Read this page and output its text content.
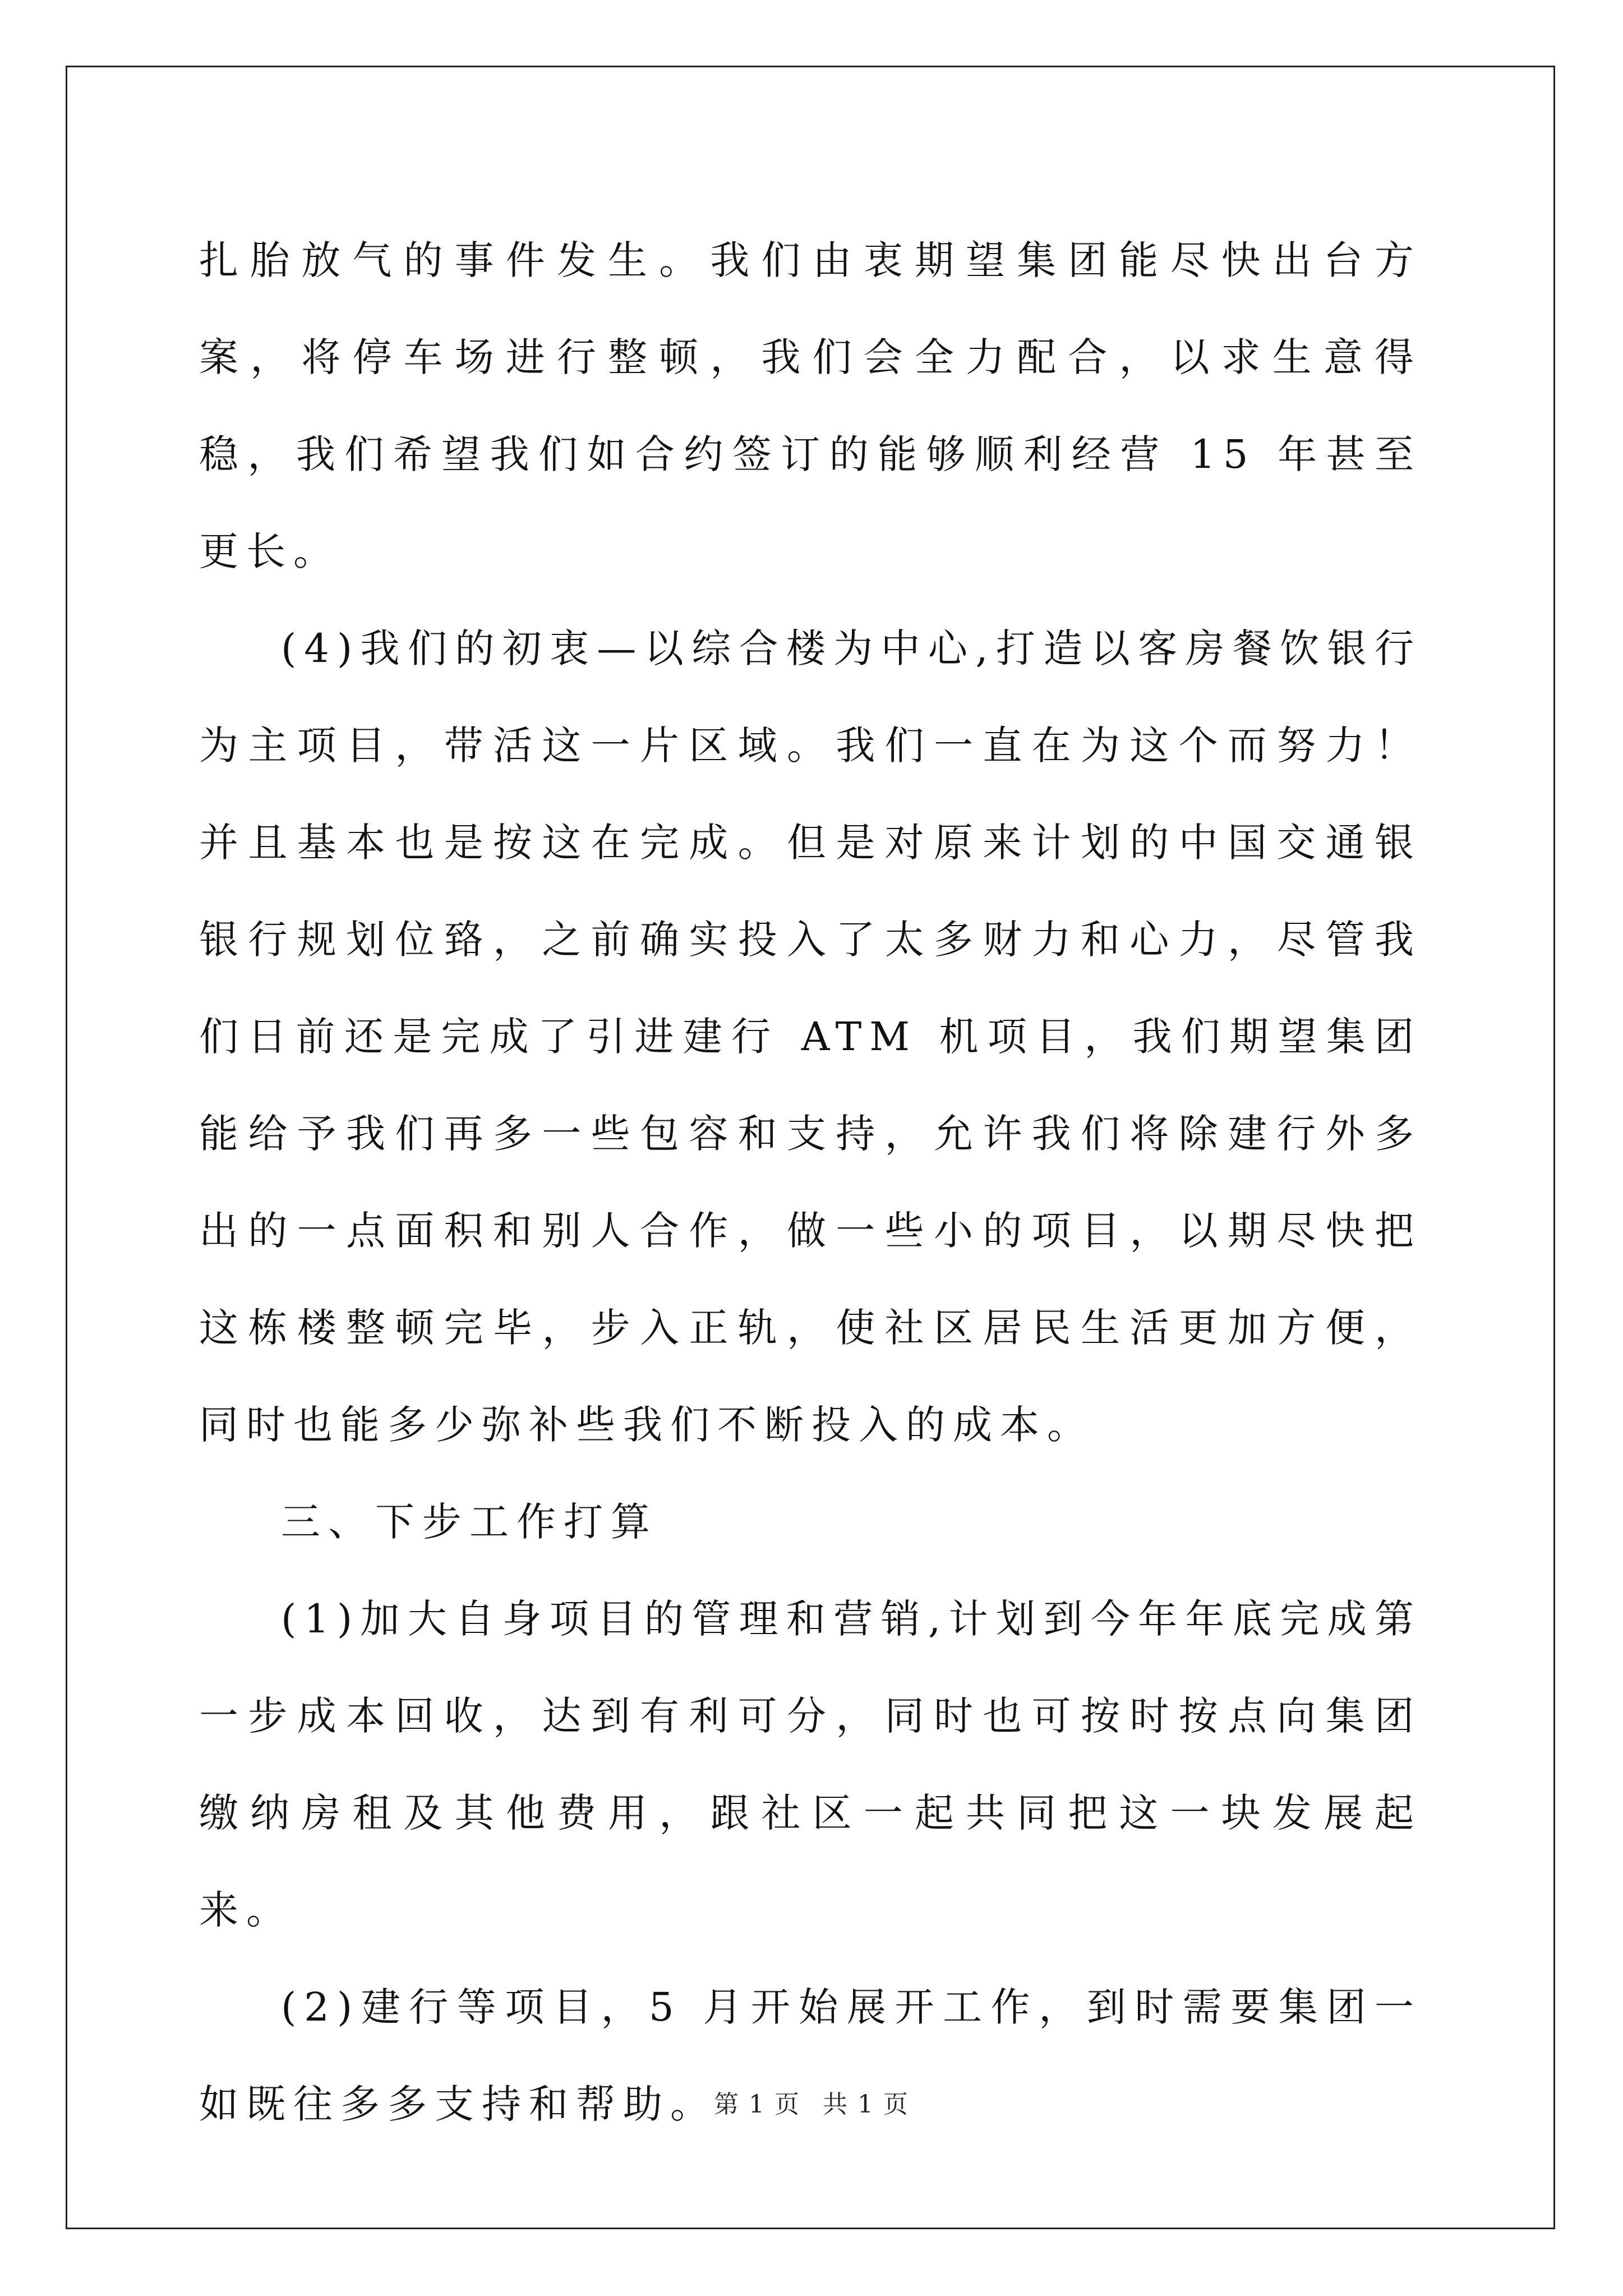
扎胎放气的事件发生。我们由衷期望集团能尽快出台方案，将停车场进行整顿，我们会全力配合，以求生意得稳，我们希望我们如合约签订的能够顺利经营 15 年甚至更长。

(4)我们的初衷—以综合楼为中心,打造以客房餐饮银行为主项目，带活这一片区域。我们一直在为这个而努力！并且基本也是按这在完成。但是对原来计划的中国交通银银行规划位臵，之前确实投入了太多财力和心力，尽管我们日前还是完成了引进建行 ATM 机项目，我们期望集团能给予我们再多一些包容和支持，允许我们将除建行外多出的一点面积和别人合作，做一些小的项目，以期尽快把这栋楼整顿完毕，步入正轨，使社区居民生活更加方便，同时也能多少弥补些我们不断投入的成本。

三、下步工作打算

(1)加大自身项目的管理和营销,计划到今年年底完成第一步成本回收，达到有利可分，同时也可按时按点向集团缴纳房租及其他费用，跟社区一起共同把这一块发展起来。

(2)建行等项目，5 月开始展开工作，到时需要集团一如既往多多支持和帮助。

第 1 页 共 1 页
